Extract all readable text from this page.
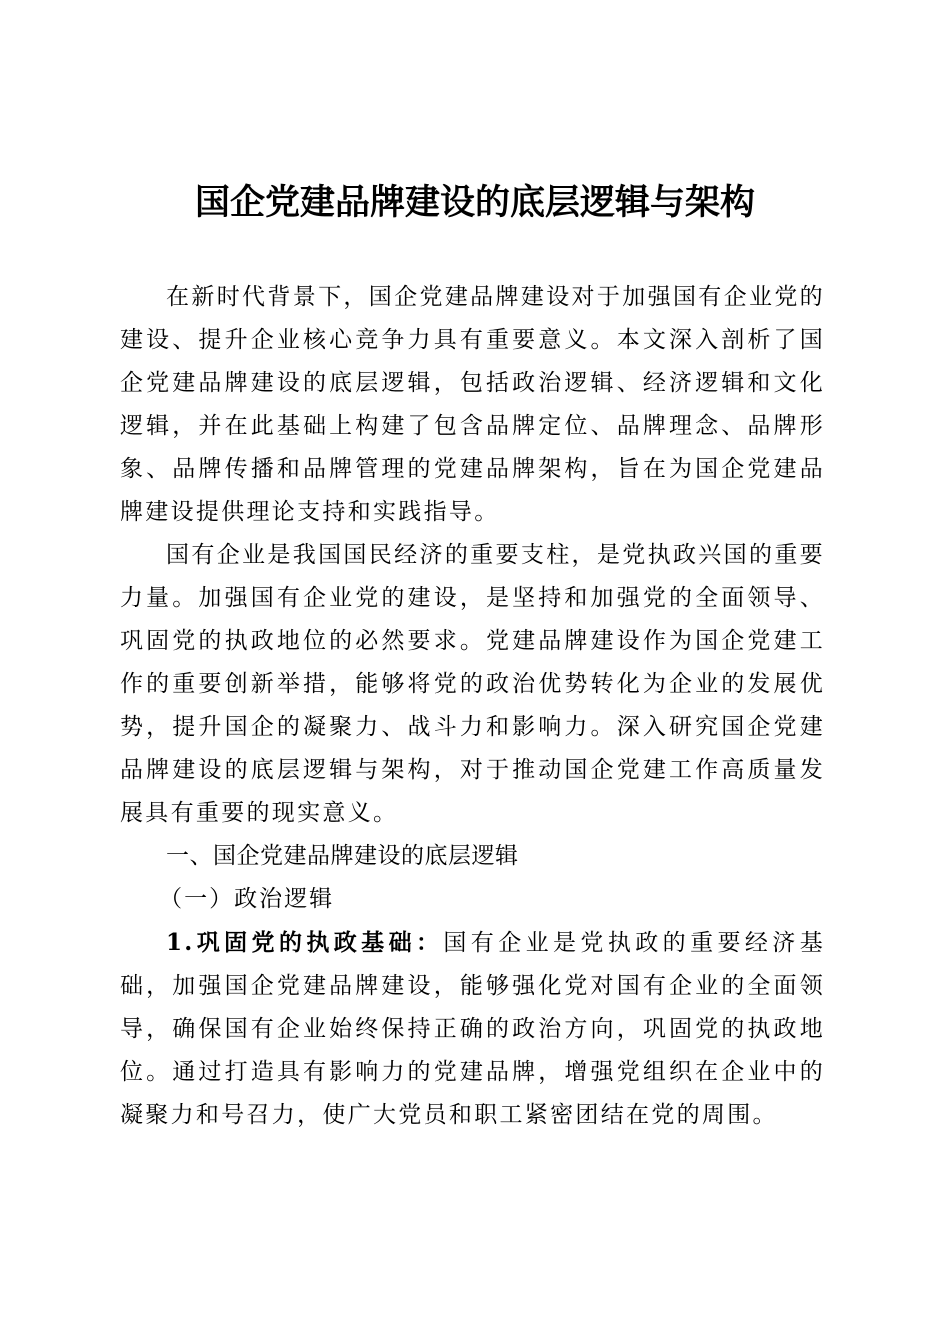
国企党建品牌建设的底层逻辑与架构

在新时代背景下，国企党建品牌建设对于加强国有企业党的建设、提升企业核心竞争力具有重要意义。本文深入剖析了国企党建品牌建设的底层逻辑，包括政治逻辑、经济逻辑和文化逻辑，并在此基础上构建了包含品牌定位、品牌理念、品牌形象、品牌传播和品牌管理的党建品牌架构，旨在为国企党建品牌建设提供理论支持和实践指导。

国有企业是我国国民经济的重要支柱，是党执政兴国的重要力量。加强国有企业党的建设，是坚持和加强党的全面领导、巩固党的执政地位的必然要求。党建品牌建设作为国企党建工作的重要创新举措，能够将党的政治优势转化为企业的发展优势，提升国企的凝聚力、战斗力和影响力。深入研究国企党建品牌建设的底层逻辑与架构，对于推动国企党建工作高质量发展具有重要的现实意义。

一、国企党建品牌建设的底层逻辑

（一）政治逻辑

1.巩固党的执政基础：国有企业是党执政的重要经济基础，加强国企党建品牌建设，能够强化党对国有企业的全面领导，确保国有企业始终保持正确的政治方向，巩固党的执政地位。通过打造具有影响力的党建品牌，增强党组织在企业中的凝聚力和号召力，使广大党员和职工紧密团结在党的周围。
